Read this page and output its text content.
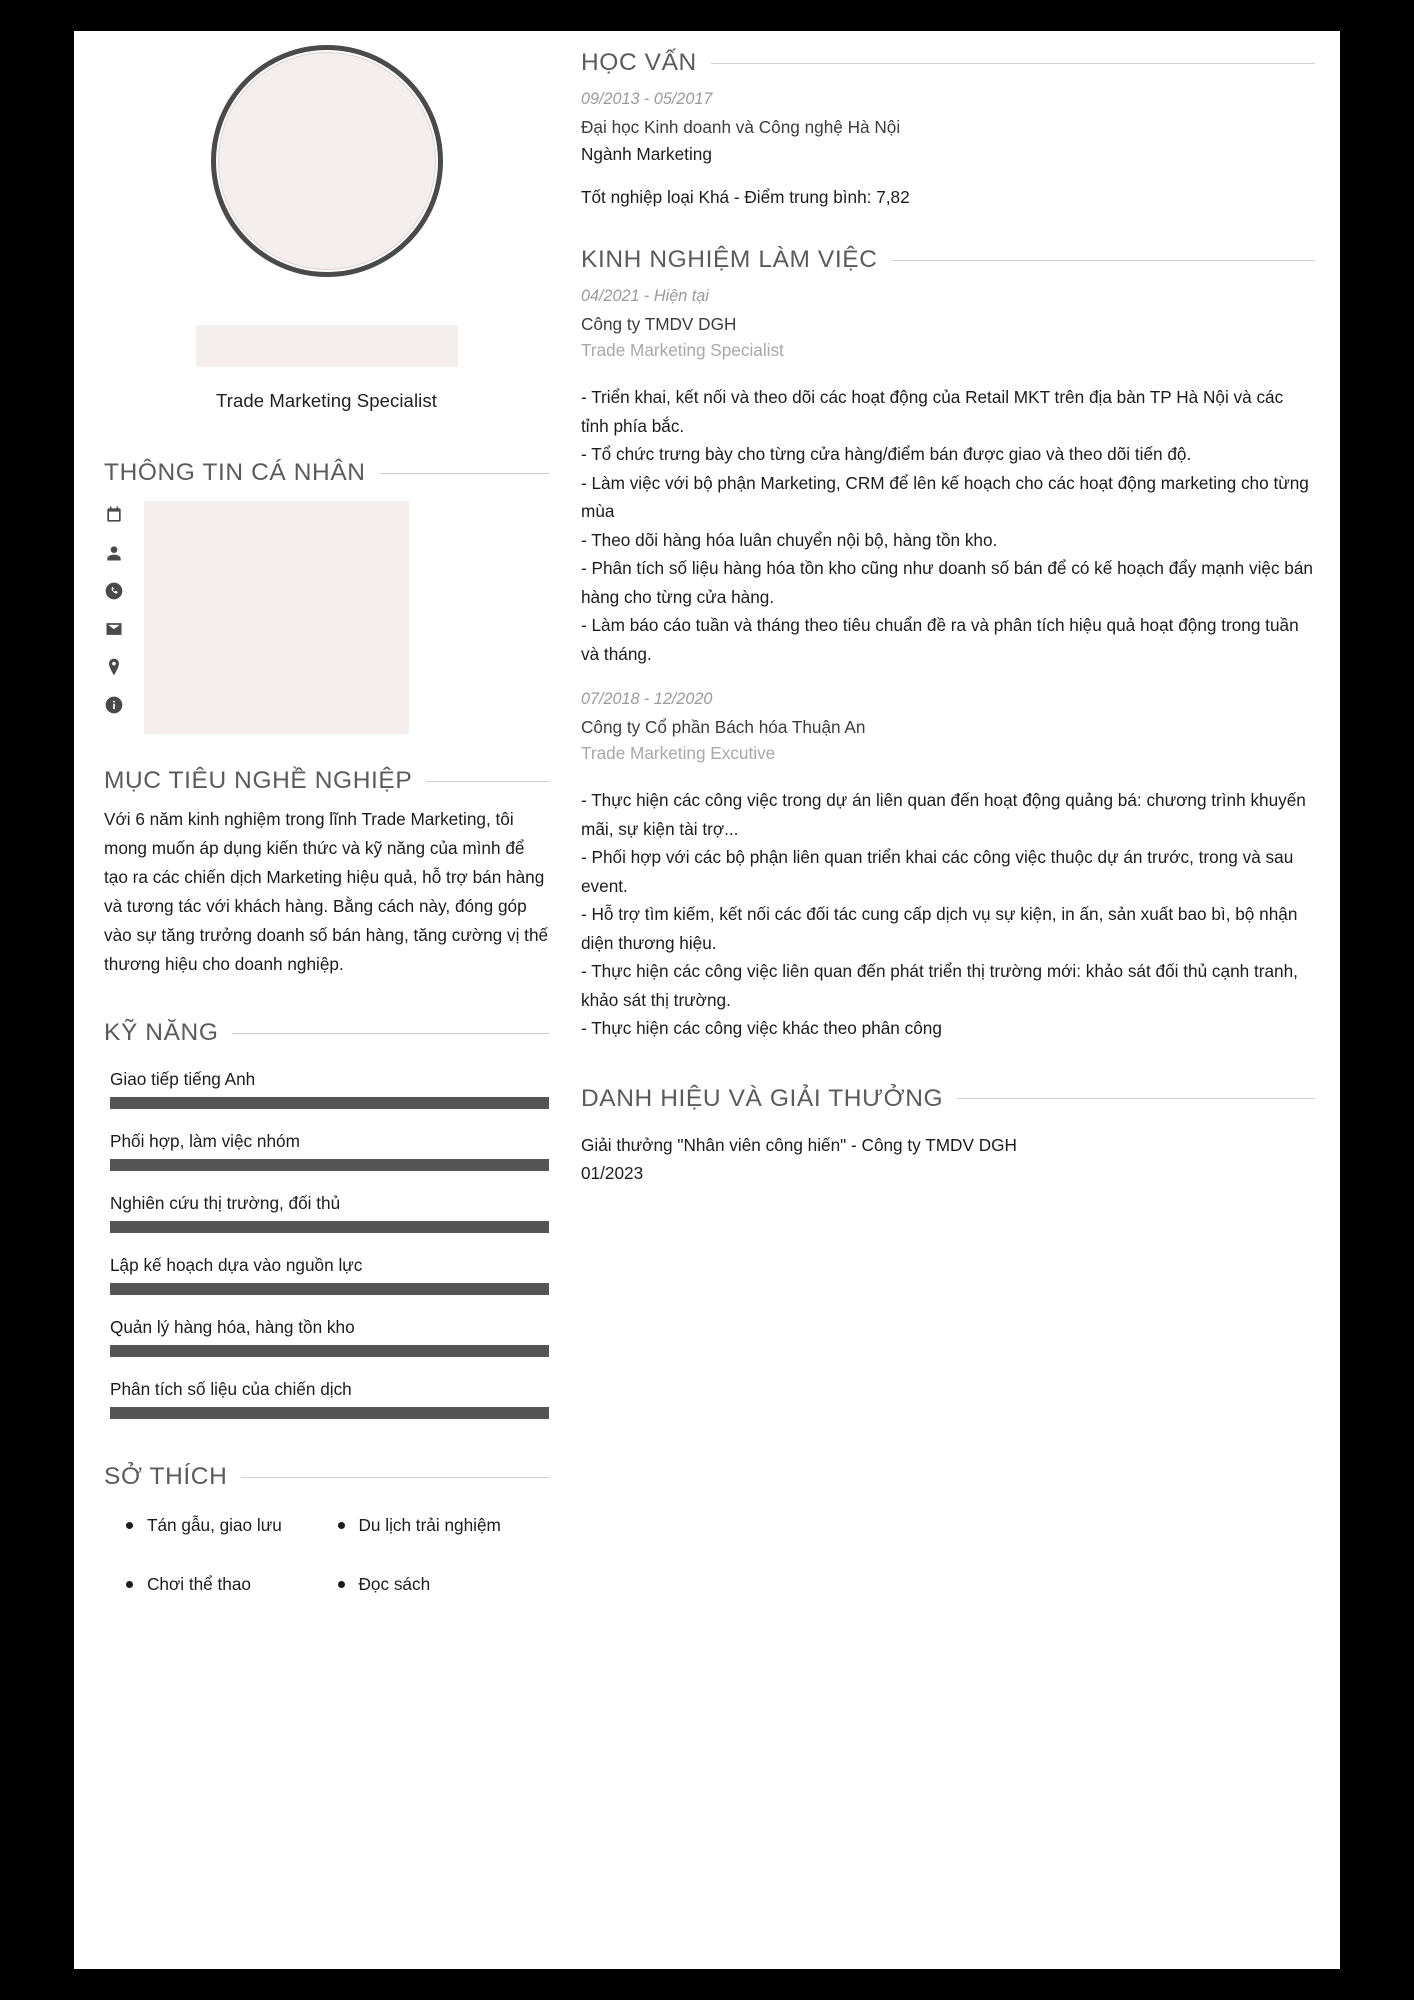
Trade Marketing Specialist
THÔNG TIN CÁ NHÂN
MỤC TIÊU NGHỀ NGHIỆP

Với 6 năm kinh nghiệm trong lĩnh Trade Marketing, tôi mong muốn áp dụng kiến thức và kỹ năng của mình để tạo ra các chiến dịch Marketing hiệu quả, hỗ trợ bán hàng và tương tác với khách hàng. Bằng cách này, đóng góp vào sự tăng trưởng doanh số bán hàng, tăng cường vị thế thương hiệu cho doanh nghiệp.

KỸ NĂNG
Giao tiếp tiếng Anh
Phối hợp, làm việc nhóm
Nghiên cứu thị trường, đối thủ
Lập kế hoạch dựa vào nguồn lực
Quản lý hàng hóa, hàng tồn kho
Phân tích số liệu của chiến dịch
SỞ THÍCH
Tán gẫu, giao lưu	Du lịch trải nghiệm
Chơi thể thao	Đọc sách
HỌC VẤN
09/2013 - 05/2017
Đại học Kinh doanh và Công nghệ Hà Nội
Ngành Marketing
Tốt nghiệp loại Khá - Điểm trung bình: 7,82
KINH NGHIỆM LÀM VIỆC
04/2021 - Hiện tại
Công ty TMDV DGH
Trade Marketing Specialist

- Triển khai, kết nối và theo dõi các hoạt động của Retail MKT trên địa bàn TP Hà Nội và các tỉnh phía bắc.
- Tổ chức trưng bày cho từng cửa hàng/điểm bán được giao và theo dõi tiến độ.
- Làm việc với bộ phận Marketing, CRM để lên kế hoạch cho các hoạt động marketing cho từng mùa
- Theo dõi hàng hóa luân chuyển nội bộ, hàng tồn kho.
- Phân tích số liệu hàng hóa tồn kho cũng như doanh số bán để có kế hoạch đẩy mạnh việc bán hàng cho từng cửa hàng.
- Làm báo cáo tuần và tháng theo tiêu chuẩn đề ra và phân tích hiệu quả hoạt động trong tuần và tháng.

07/2018 - 12/2020
Công ty Cổ phần Bách hóa Thuận An
Trade Marketing Excutive

- Thực hiện các công việc trong dự án liên quan đến hoạt động quảng bá: chương trình khuyến mãi, sự kiện tài trợ...
- Phối hợp với các bộ phận liên quan triển khai các công việc thuộc dự án trước, trong và sau event.
- Hỗ trợ tìm kiếm, kết nối các đối tác cung cấp dịch vụ sự kiện, in ấn, sản xuất bao bì, bộ nhận diện thương hiệu.
- Thực hiện các công việc liên quan đến phát triển thị trường mới: khảo sát đối thủ cạnh tranh, khảo sát thị trường.
- Thực hiện các công việc khác theo phân công

DANH HIỆU VÀ GIẢI THƯỞNG
Giải thưởng "Nhân viên công hiến" - Công ty TMDV DGH
01/2023
